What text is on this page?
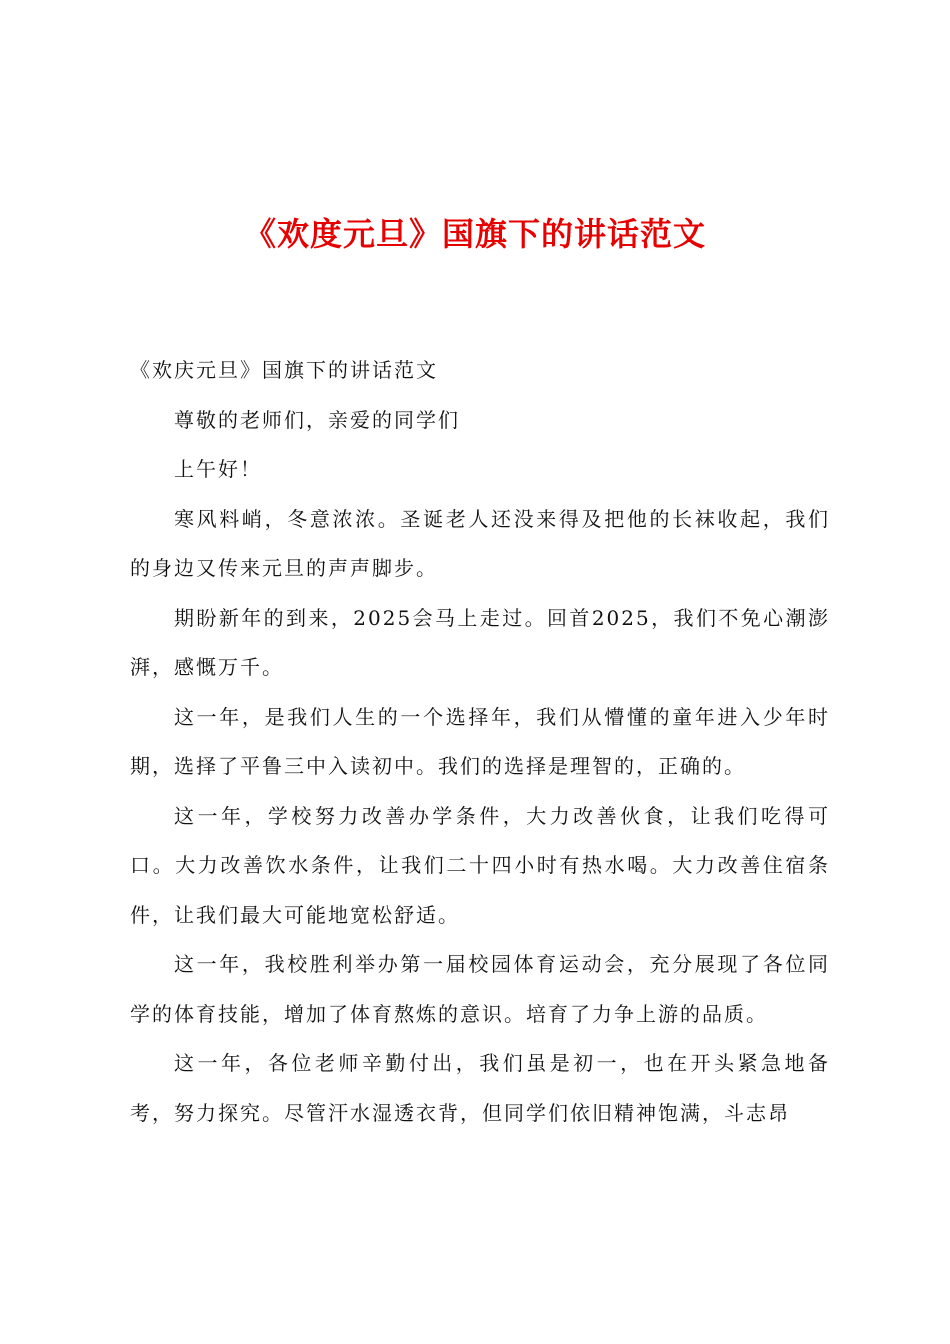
《欢度元旦》国旗下的讲话范文

《欢庆元旦》国旗下的讲话范文

尊敬的老师们，亲爱的同学们

上午好！

寒风料峭，冬意浓浓。圣诞老人还没来得及把他的长袜收起，我们的身边又传来元旦的声声脚步。

期盼新年的到来，2025会马上走过。回首2025，我们不免心潮澎湃，感慨万千。

这一年，是我们人生的一个选择年，我们从懵懂的童年进入少年时期，选择了平鲁三中入读初中。我们的选择是理智的，正确的。

这一年，学校努力改善办学条件，大力改善伙食，让我们吃得可口。大力改善饮水条件，让我们二十四小时有热水喝。大力改善住宿条件，让我们最大可能地宽松舒适。

这一年，我校胜利举办第一届校园体育运动会，充分展现了各位同学的体育技能，增加了体育熬炼的意识。培育了力争上游的品质。

这一年，各位老师辛勤付出，我们虽是初一，也在开头紧急地备考，努力探究。尽管汗水湿透衣背，但同学们依旧精神饱满，斗志昂
